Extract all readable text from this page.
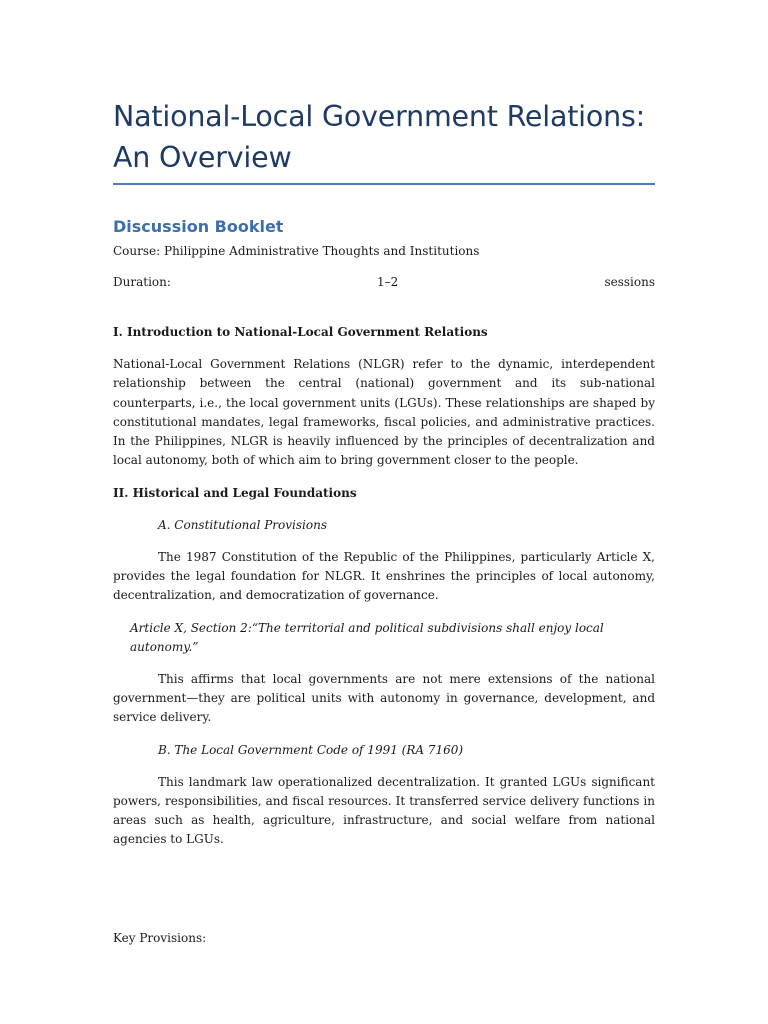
National-Local Government Relations:
An Overview
Discussion Booklet
Course: Philippine Administrative Thoughts and Institutions
Duration:	1–2	sessions
I. Introduction to National-Local Government Relations

National-Local Government Relations (NLGR) refer to the dynamic, interdependent relationship between the central (national) government and its sub-national counterparts, i.e., the local government units (LGUs). These relationships are shaped by constitutional mandates, legal frameworks, fiscal policies, and administrative practices. In the Philippines, NLGR is heavily influenced by the principles of decentralization and local autonomy, both of which aim to bring government closer to the people.

II. Historical and Legal Foundations
A. Constitutional Provisions

The 1987 Constitution of the Republic of the Philippines, particularly Article X, provides the legal foundation for NLGR. It enshrines the principles of local autonomy, decentralization, and democratization of governance.

Article X, Section 2:“The territorial and political subdivisions shall enjoy local autonomy.”

This affirms that local governments are not mere extensions of the national government—they are political units with autonomy in governance, development, and service delivery.

B. The Local Government Code of 1991 (RA 7160)

This landmark law operationalized decentralization. It granted LGUs significant powers, responsibilities, and fiscal resources. It transferred service delivery functions in areas such as health, agriculture, infrastructure, and social welfare from national agencies to LGUs.

Key Provisions:
